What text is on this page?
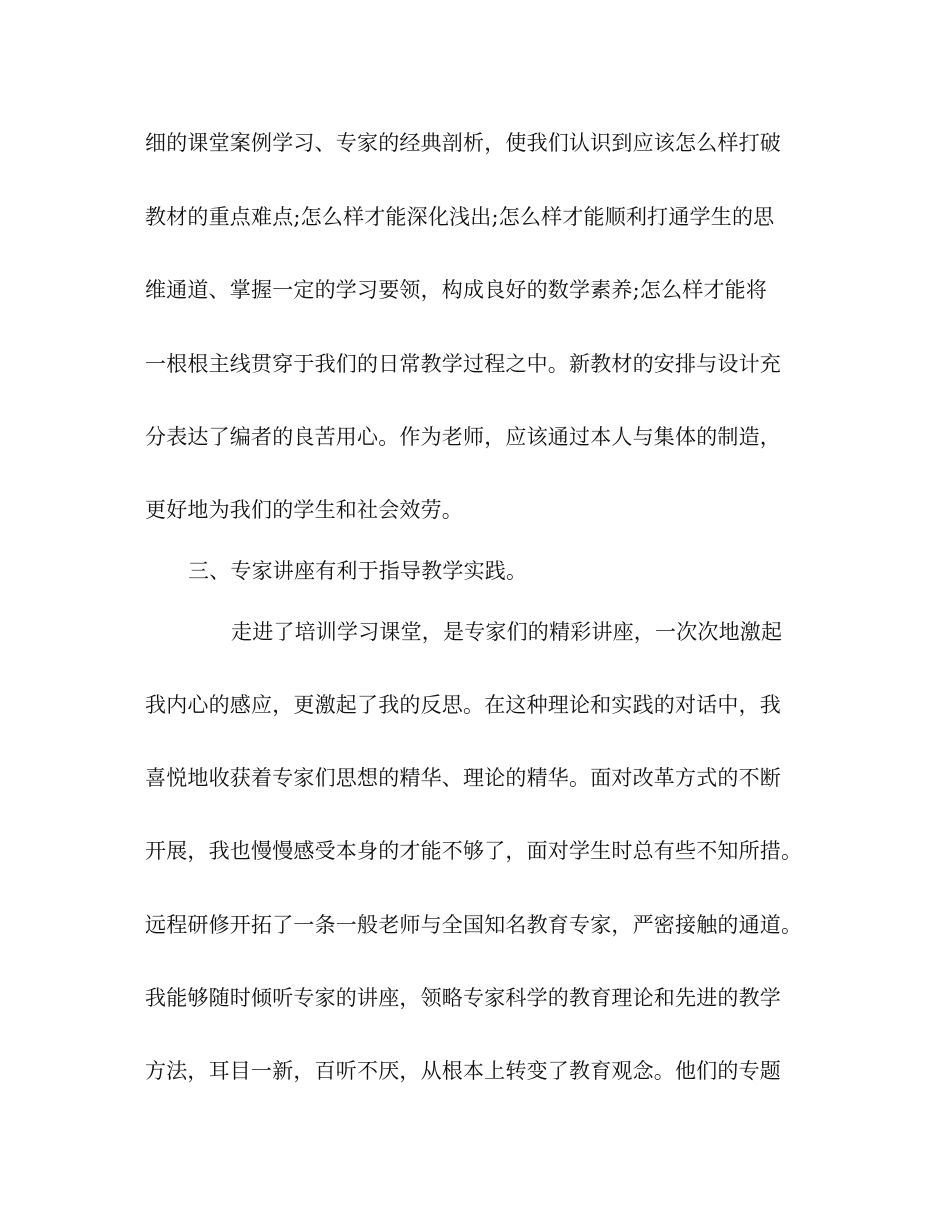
细的课堂案例学习、专家的经典剖析，使我们认识到应该怎么样打破
教材的重点难点;怎么样才能深化浅出;怎么样才能顺利打通学生的思
维通道、掌握一定的学习要领，构成良好的数学素养;怎么样才能将
一根根主线贯穿于我们的日常教学过程之中。新教材的安排与设计充
分表达了编者的良苦用心。作为老师，应该通过本人与集体的制造，
更好地为我们的学生和社会效劳。
三、专家讲座有利于指导教学实践。
走进了培训学习课堂，是专家们的精彩讲座，一次次地激起
我内心的感应，更激起了我的反思。在这种理论和实践的对话中，我
喜悦地收获着专家们思想的精华、理论的精华。面对改革方式的不断
开展，我也慢慢感受本身的才能不够了，面对学生时总有些不知所措。
远程研修开拓了一条一般老师与全国知名教育专家，严密接触的通道。
我能够随时倾听专家的讲座，领略专家科学的教育理论和先进的教学
方法，耳目一新，百听不厌，从根本上转变了教育观念。他们的专题
